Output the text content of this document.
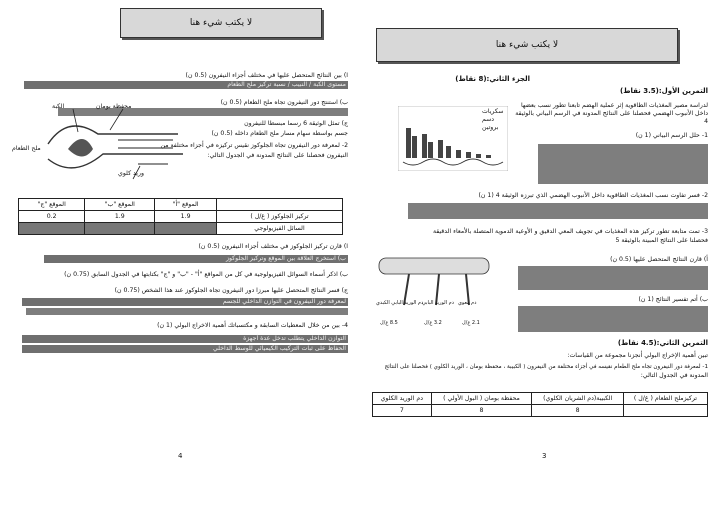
لا يكتب شيء هنا
ا) بين النتائج المتحصل عليها في مختلف أجزاء النيفرون (0.5 ن)
مستوى الكبة / النبيب / نسبة تركيز ملح الطعام
ب) استنتج دور النيفرون تجاه ملح الطعام (0.5 ن)
ج) تمثل الوثيقة 6 رسما مبسطا للنيفرون
جسم بواسطة سهام مسار ملح الطعام داخله (0.5 ن)
2- لمعرفة دور النيفرون تجاه الجلوكوز نقيس تركيزه في أجزاء مختلفة من
النيفرون فحصلنا على النتائج المدونة في الجدول التالي:
الكبة	محفظة بومان
ملح الطعام
وريد كلوي
	الموقع "أ"	الموقع "ب"	الموقع "ج"
تركيز الجلوكوز ( غ/ل )	1.9	1.9	0.2
السائل الفيزيولوجي			
ا) قارن تركيز الجلوكوز في مختلف أجزاء النيفرون (0.5 ن)
ب) استخرج العلاقة بين الموقع وتركيز الجلوكوز
ب) اذكر أسماء السوائل الفيزيولوجية في كل من المواقع "أ" - "ب" و "ج" بكتابتها في الجدول السابق (0.75 ن)
ج) فسر النتائج المتحصل عليها مبرزا دور النيفرون تجاه الجلوكوز عند هذا الشخص (0.75 ن)
لمعرفة دور النيفرون في التوازن الداخلي للجسم
4- بين من خلال المعطيات السابقة و مكتسباتك أهمية الاخراج البولي (1 ن)
التوازن الداخلي يتطلب تدخل عدة أجهزة
الحفاظ على ثبات التركيب الكيميائي للوسط الداخلي
4
لا يكتب شيء هنا
الجزء الثاني:(8 نقاط)
التمرين الأول:(3.5 نقاط)
لدراسة مصير المغذيات الطاقوية إثر عملية الهضم تابعنا تطور نسب بعضها
داخل الأنبوب الهضمي فحصلنا على النتائج المدونة في الرسم البياني بالوثيقة
4
سكريات
دسم
بروتين
1- حلل الرسم البياني (1 ن)
2- فسر تفاوت نسب المغذيات الطاقوية داخل الأنبوب الهضمي الذي تبرزه الوثيقة 4 (1 ن)
3- تمت متابعة تطور تركيز هذه المغذيات في تجويف المعي الدقيق و الأوعية الدموية المتصلة بالأمعاء الدقيقة
فحصلنا على النتائج المبينة بالوثيقة 5
دم الوريد البابي الكبدي
دم الوريد البابي دم معوي
8.5 غ/ل	3.2 غ/ل	2.1 غ/ل
أ) قارن النتائج المتحصل عليها (0.5 ن)
ب) أتم تفسير النتائج (1 ن)
التمرين الثاني:(4.5 نقاط)
تبين أهمية الإخراج البولي أنجزنا مجموعة من القياسات:
1- لمعرفة دور النيفرون تجاه ملح الطعام نقيسه في أجزاء مختلفة من النيفرون ( الكبيبة ، محفظة بومان ، الوريد الكلوي ) فحصلنا على النتائج
المدونة في الجدول التالي:
تركيزملح الطعام ( غ/ل )	الكبيبة(دم الشريان الكلوي)	محفظة بومان ( البول الأولي )	دم الوريد الكلوي
	8	8	7
3
